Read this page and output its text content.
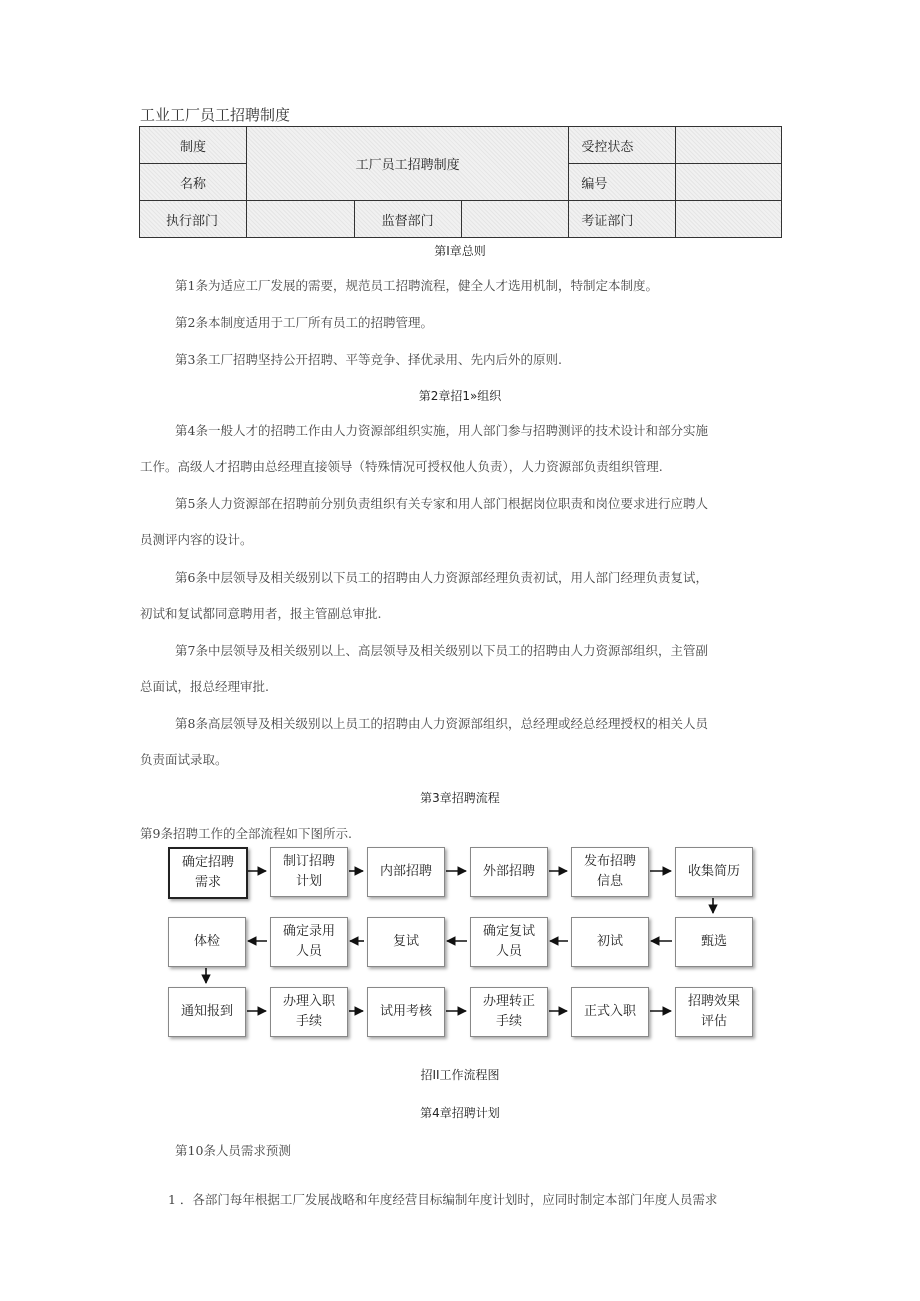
工业工厂员工招聘制度
制度	工厂员工招聘制度			受控状态	
名称				编号	
执行部门		监督部门		考证部门	
第Ⅰ章总则
第1条为适应工厂发展的需要，规范员工招聘流程，健全人才选用机制，特制定本制度。
第2条本制度适用于工厂所有员工的招聘管理。
第3条工厂招聘坚持公开招聘、平等竞争、择优录用、先内后外的原则.
第2章招1»组织
第4条一般人才的招聘工作由人力资源部组织实施，用人部门参与招聘测评的技术设计和部分实施
工作。高级人才招聘由总经理直接领导（特殊情况可授权他人负责），人力资源部负责组织管理.
第5条人力资源部在招聘前分别负责组织有关专家和用人部门根据岗位职责和岗位要求进行应聘人
员测评内容的设计。
第6条中层领导及相关级别以下员工的招聘由人力资源部经理负责初试，用人部门经理负责复试，
初试和复试都同意聘用者，报主管副总审批.
第7条中层领导及相关级别以上、高层领导及相关级别以下员工的招聘由人力资源部组织，主管副
总面试，报总经理审批.
第8条高层领导及相关级别以上员工的招聘由人力资源部组织，总经理或经总经理授权的相关人员
负责面试录取。
第3章招聘流程
第9条招聘工作的全部流程如下图所示.
确定招聘
需求
制订招聘
计划
内部招聘	外部招聘
发布招聘
信息
收集简历
甄选
初试
确定复试
人员
复试
确定录用
人员
体检
通知报到
办理入职
手续
试用考核
办理转正
手续
正式入职
招聘效果
评估
招II工作流程图
第4章招聘计划
第10条人员需求预测
1 ．各部门每年根据工厂发展战略和年度经营目标编制年度计划时，应同时制定本部门年度人员需求
